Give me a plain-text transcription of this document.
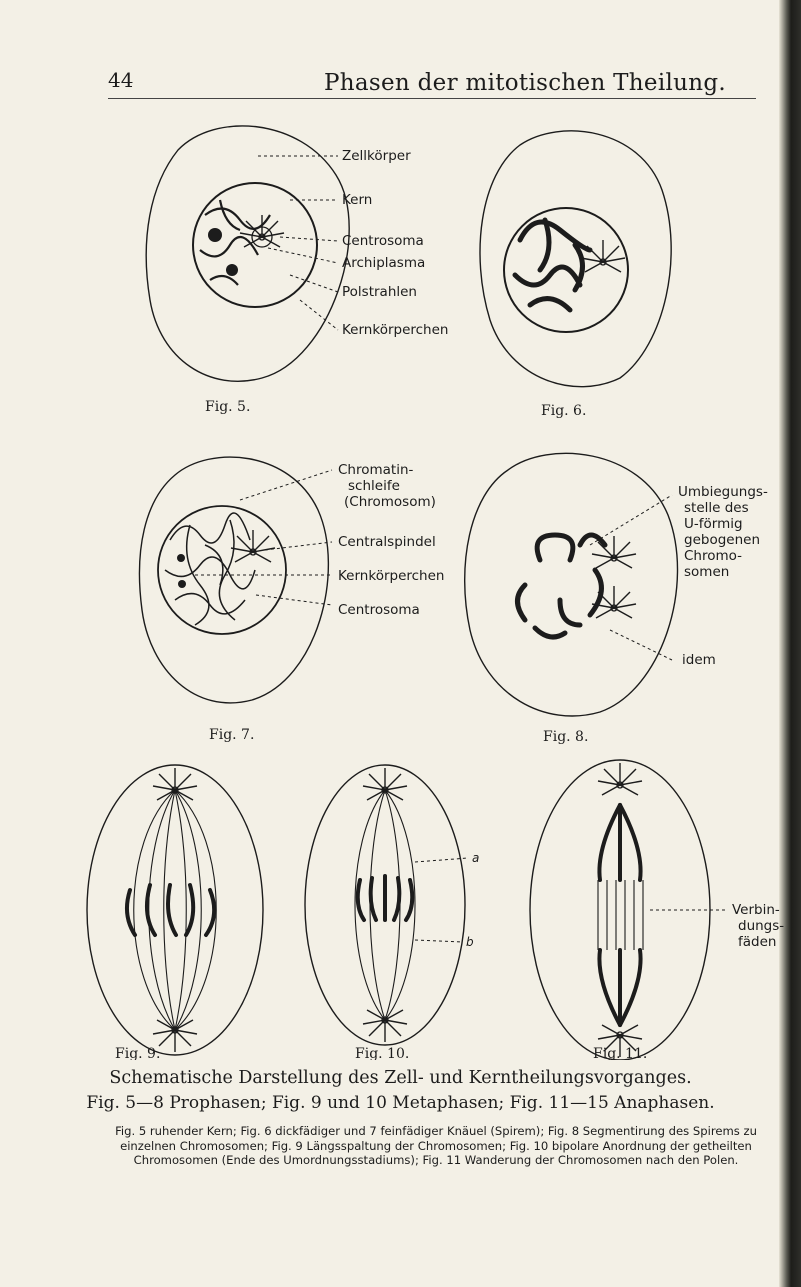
44	Phasen der mitotischen Theilung.
Zellkörper
Kern
Centrosoma
Archiplasma
Polstrahlen
Kernkörperchen
Fig. 5.	Fig. 6.
Chromatin-
schleife
(Chromosom)
Centralspindel
Kernkörperchen
Centrosoma
Fig. 7.
Umbiegungs-
stelle des
U-förmig
gebogenen
Chromo-
somen
idem
Fig. 8.
Fig. 9.
a
b
Fig. 10.
Verbin-
dungs-
fäden
Fig. 11.
Schematische Darstellung des Zell- und Kerntheilungsvorganges.
Fig. 5—8 Prophasen; Fig. 9 und 10 Metaphasen; Fig. 11—15 Anaphasen.
Fig. 5 ruhender Kern; Fig. 6 dickfädiger und 7 feinfädiger Knäuel (Spirem); Fig. 8 Segmentirung des Spirems zu einzelnen Chromosomen; Fig. 9 Längsspaltung der Chromosomen; Fig. 10 bipolare Anordnung der getheilten Chromosomen (Ende des Umordnungsstadiums); Fig. 11 Wanderung der Chromosomen nach den Polen.
